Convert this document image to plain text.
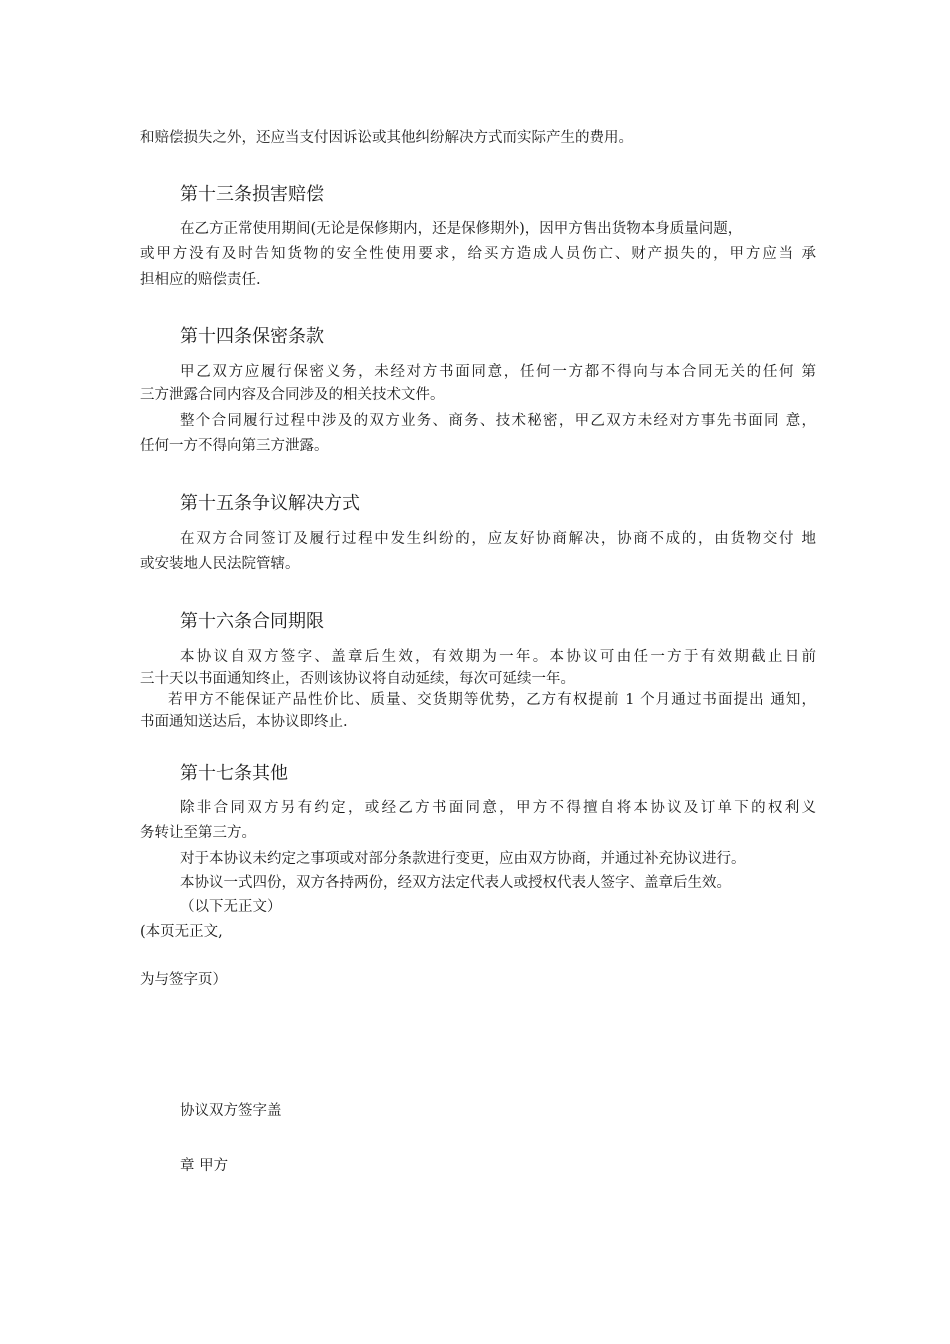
和赔偿损失之外，还应当支付因诉讼或其他纠纷解决方式而实际产生的费用。
第十三条损害赔偿
在乙方正常使用期间(无论是保修期内，还是保修期外)，因甲方售出货物本身质量问题，
或甲方没有及时告知货物的安全性使用要求，给买方造成人员伤亡、财产损失的，甲方应当 承
担相应的赔偿责任.
第十四条保密条款
甲乙双方应履行保密义务，未经对方书面同意，任何一方都不得向与本合同无关的任何 第
三方泄露合同内容及合同涉及的相关技术文件。
整个合同履行过程中涉及的双方业务、商务、技术秘密，甲乙双方未经对方事先书面同 意，
任何一方不得向第三方泄露。
第十五条争议解决方式
在双方合同签订及履行过程中发生纠纷的，应友好协商解决，协商不成的，由货物交付 地
或安装地人民法院管辖。
第十六条合同期限
本协议自双方签字、盖章后生效，有效期为一年。本协议可由任一方于有效期截止日前
三十天以书面通知终止，否则该协议将自动延续，每次可延续一年。
若甲方不能保证产品性价比、质量、交货期等优势，乙方有权提前 1 个月通过书面提出 通知，
书面通知送达后，本协议即终止.
第十七条其他
除非合同双方另有约定，或经乙方书面同意，甲方不得擅自将本协议及订单下的权利义
务转让至第三方。
对于本协议未约定之事项或对部分条款进行变更，应由双方协商，并通过补充协议进行。
本协议一式四份，双方各持两份，经双方法定代表人或授权代表人签字、盖章后生效。
（以下无正文）
(本页无正文,
为与签字页）
协议双方签字盖
章 甲方
